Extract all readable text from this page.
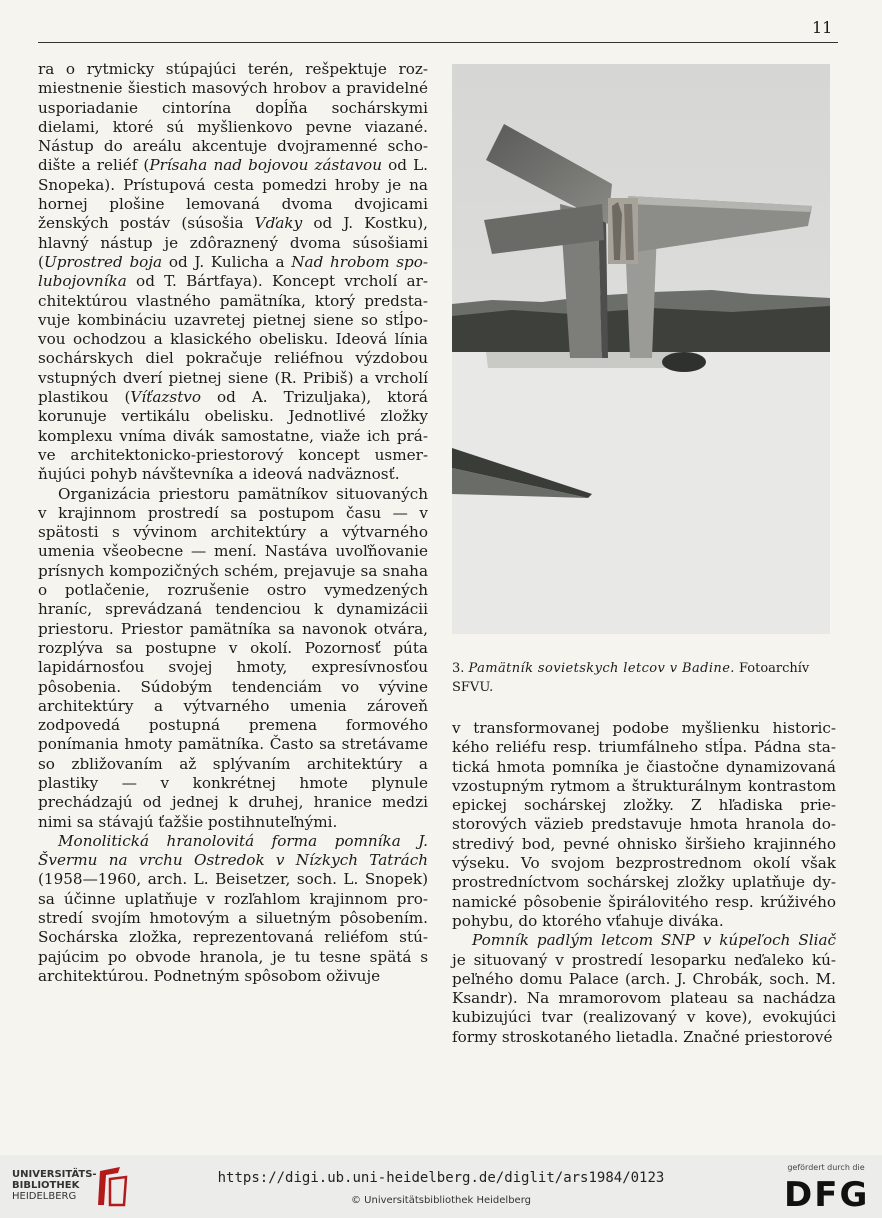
11

ra o rytmicky stúpajúci terén, rešpektuje rozmiestnenie šiestich masových hrobov a pravidelné usporiadanie cintorína dopĺňa sochárskymi dielami, ktoré sú myšlienkovo pevne viazané. Nástup do areálu akcentuje dvojramenné schodište a reliéf (Prísaha nad bojovou zástavou od L. Snopeka). Prístupová cesta pomedzi hroby je na hornej plošine lemovaná dvoma dvojicami ženských postáv (súsošia Vďaky od J. Kostku), hlavný nástup je zdôraznený dvoma súsošiami (Uprostred boja od J. Kulicha a Nad hrobom spolubojovníka od T. Bártfaya). Koncept vrcholí architektúrou vlastného pamätníka, ktorý predstavuje kombináciu uzavretej pietnej siene so stĺpovou ochodzou a klasického obelisku. Ideová línia sochárskych diel pokračuje reliéfnou výzdobou vstupných dverí pietnej siene (R. Pribiš) a vrcholí plastikou (Víťazstvo od A. Trizuljaka), ktorá korunuje vertikálu obelisku. Jednotlivé zložky komplexu vníma divák samostatne, viaže ich práve architektonicko-priestorový koncept usmerňujúci pohyb návštevníka a ideová nadväznosť.

Organizácia priestoru pamätníkov situovaných v krajinnom prostredí sa postupom času — v spätosti s vývinom architektúry a výtvarného umenia všeobecne — mení. Nastáva uvoľňovanie prísnych kompozičných schém, prejavuje sa snaha o potlačenie, rozrušenie ostro vymedzených hraníc, sprevádzaná tendenciou k dynamizácii priestoru. Priestor pamätníka sa navonok otvára, rozplýva sa postupne v okolí. Pozornosť púta lapidárnosťou svojej hmoty, expresívnosťou pôsobenia. Súdobým tendenciám vo vývine architektúry a výtvarného umenia zároveň zodpovedá postupná premena formového ponímania hmoty pamätníka. Často sa stretávame so zbližovaním až splývaním architektúry a plastiky — v konkrétnej hmote plynule prechádzajú od jednej k druhej, hranice medzi nimi sa stávajú ťažšie postihnuteľnými.

Monolitická hranolovitá forma pomníka J. Švermu na vrchu Ostredok v Nízkych Tatrách (1958—1960, arch. L. Beisetzer, soch. L. Snopek) sa účinne uplatňuje v rozľahlom krajinnom prostredí svojím hmotovým a siluetným pôsobením. Sochárska zložka, reprezentovaná reliéfom stúpajúcim po obvode hranola, je tu tesne spätá s architektúrou. Podnetným spôsobom oživuje

3. Pamätník sovietskych letcov v Badine. Fotoarchív SFVU.

v transformovanej podobe myšlienku historického reliéfu resp. triumfálneho stĺpa. Pádna statická hmota pomníka je čiastočne dynamizovaná vzostupným rytmom a štrukturálnym kontrastom epickej sochárskej zložky. Z hľadiska priestorových väzieb predstavuje hmota hranola dostredivý bod, pevné ohnisko širšieho krajinného výseku. Vo svojom bezprostrednom okolí však prostredníctvom sochárskej zložky uplatňuje dynamické pôsobenie špirálovitého resp. krúživého pohybu, do ktorého vťahuje diváka.

Pomník padlým letcom SNP v kúpeľoch Sliač je situovaný v prostredí lesoparku neďaleko kúpeľného domu Palace (arch. J. Chrobák, soch. M. Ksandr). Na mramorovom plateau sa nachádza kubizujúci tvar (realizovaný v kove), evokujúci formy stroskotaného lietadla. Značné priestorové

UNIVERSITÄTS-
BIBLIOTHEK
HEIDELBERG
https://digi.ub.uni-heidelberg.de/diglit/ars1984/0123
© Universitätsbibliothek Heidelberg
gefördert durch die
DFG
